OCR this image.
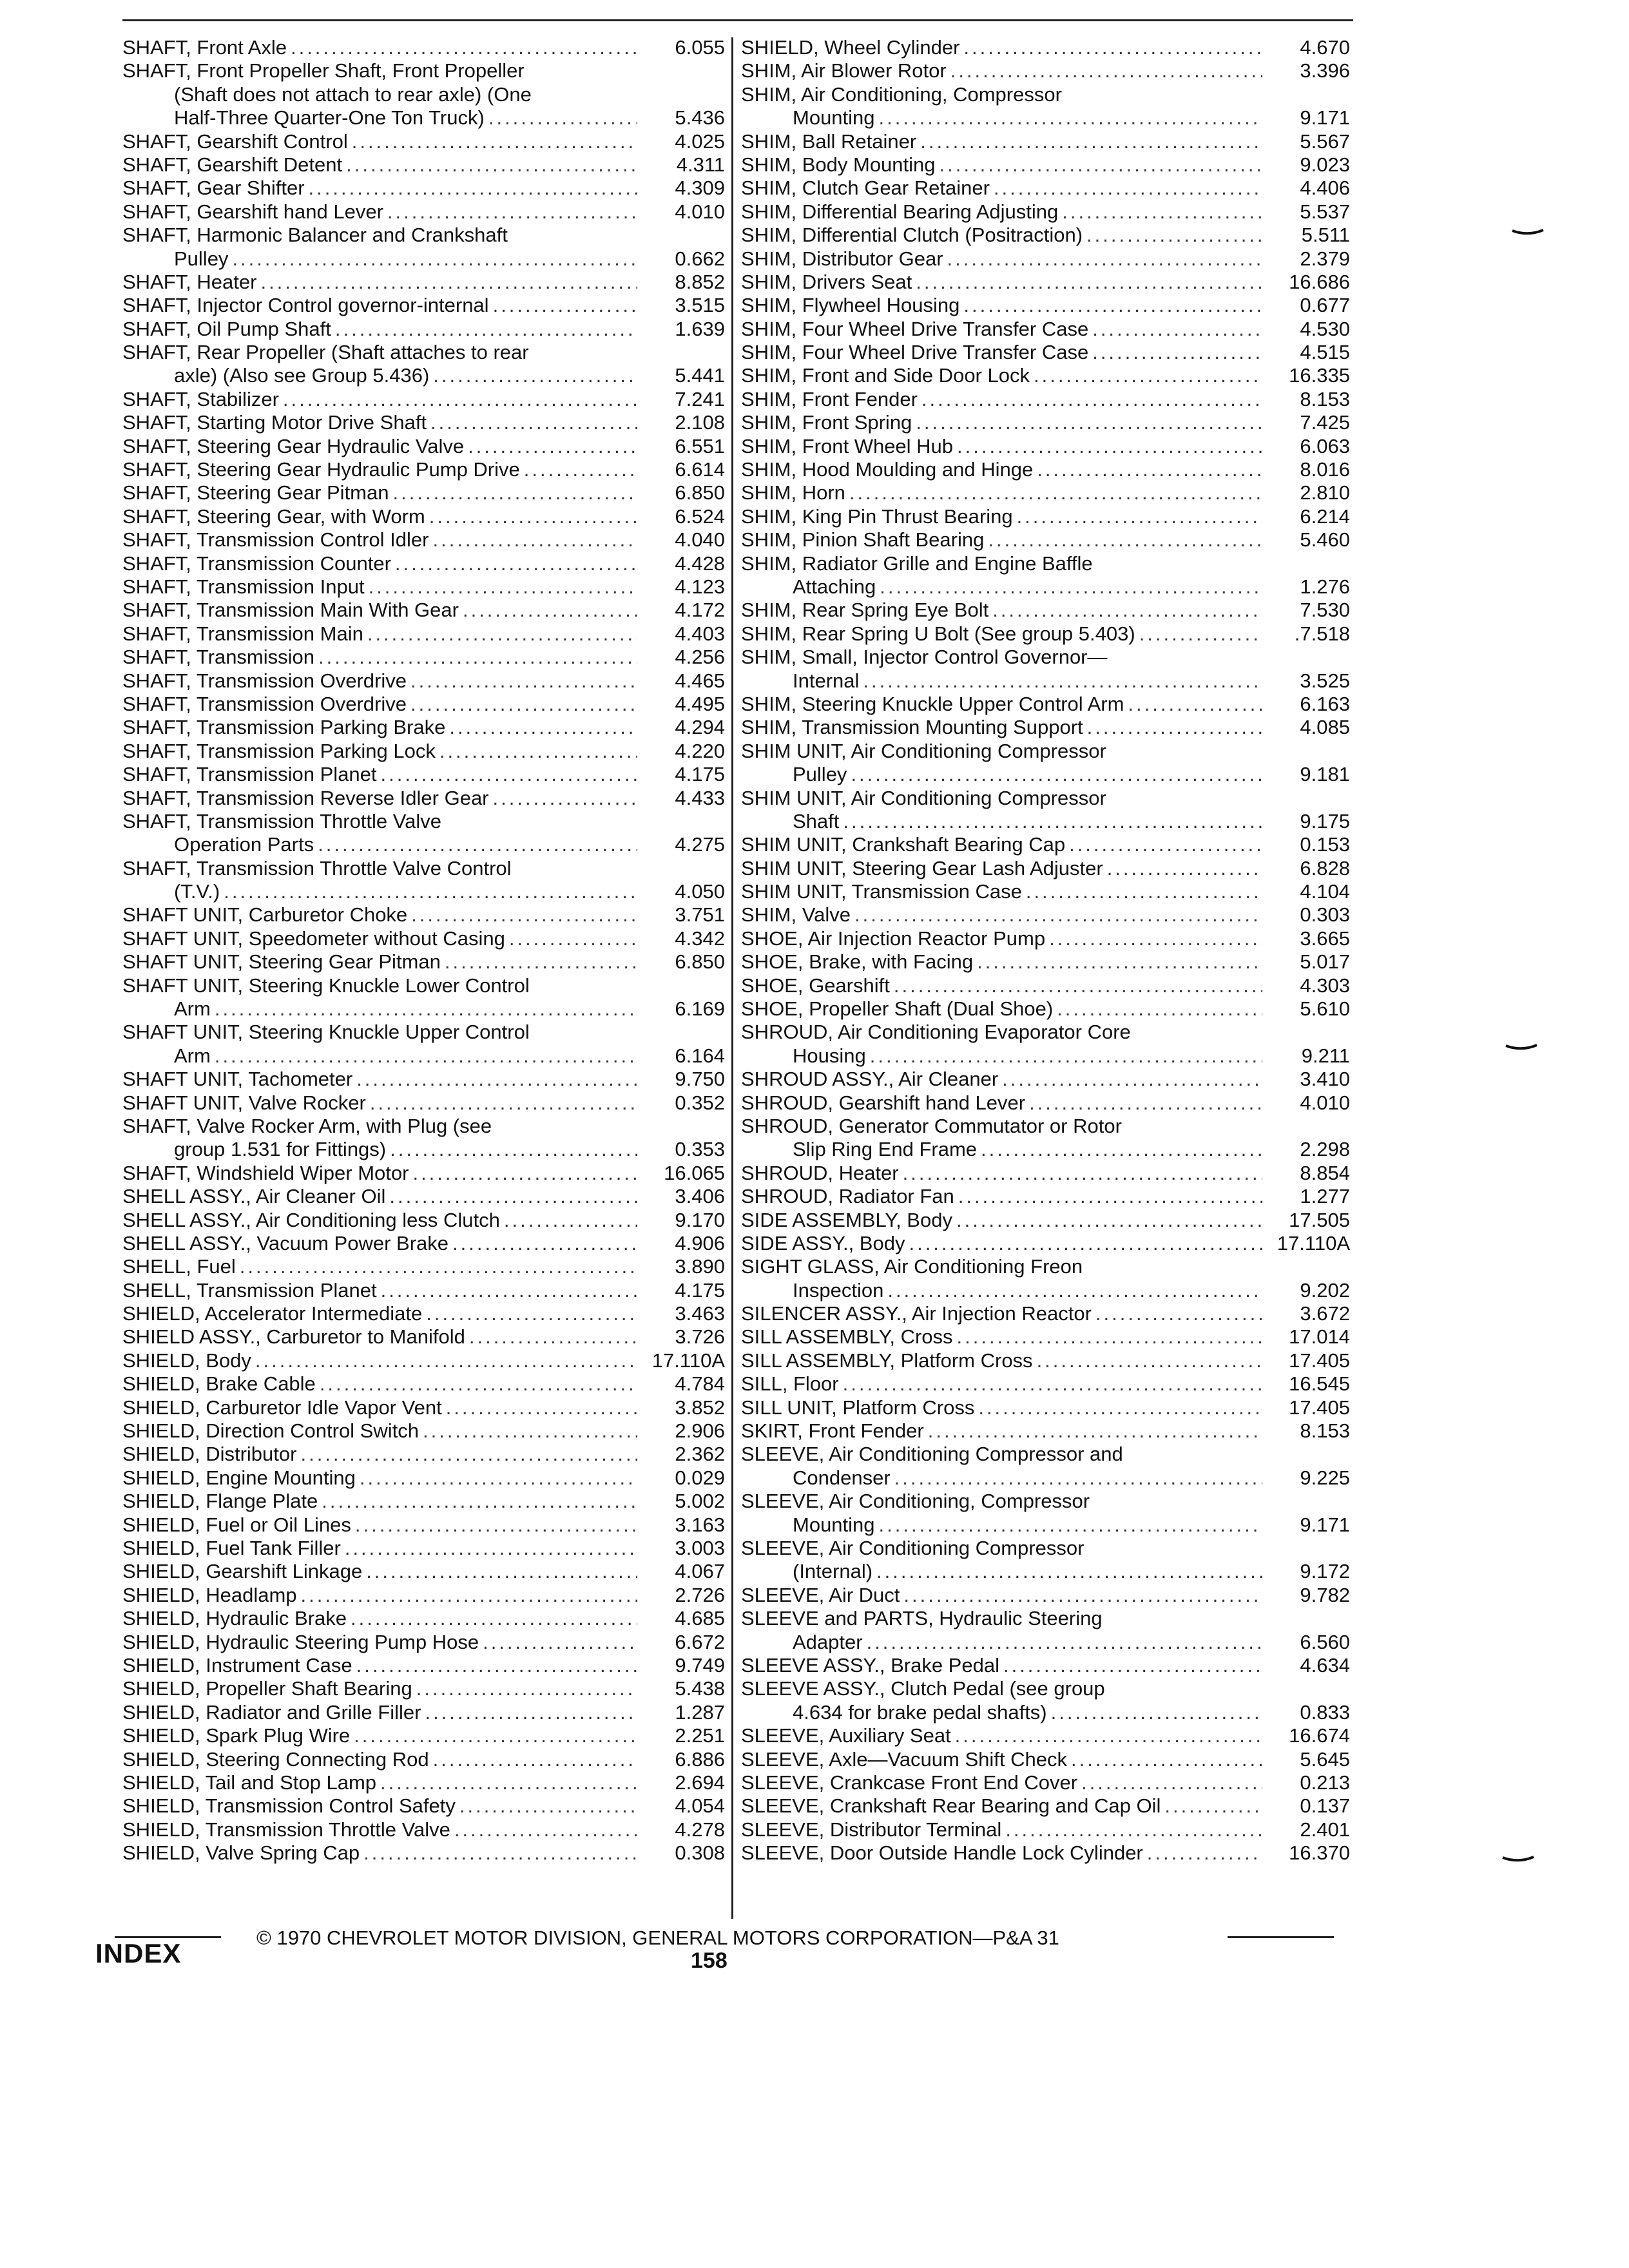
SHAFT, Front Axle .....	6.055
SHAFT, Front Propeller Shaft, Front Propeller
(Shaft does not attach to rear axle) (One
Half-Three Quarter-One Ton Truck) .....	5.436
SHAFT, Gearshift Control .....	4.025
SHAFT, Gearshift Detent .....	4.311
SHAFT, Gear Shifter .....	4.309
SHAFT, Gearshift hand Lever .....	4.010
SHAFT, Harmonic Balancer and Crankshaft
Pulley .....	0.662
SHAFT, Heater .....	8.852
SHAFT, Injector Control governor-internal .....	3.515
SHAFT, Oil Pump Shaft .....	1.639
SHAFT, Rear Propeller (Shaft attaches to rear
axle) (Also see Group 5.436) .....	5.441
SHAFT, Stabilizer .....	7.241
SHAFT, Starting Motor Drive Shaft .....	2.108
SHAFT, Steering Gear Hydraulic Valve .....	6.551
SHAFT, Steering Gear Hydraulic Pump Drive .....	6.614
SHAFT, Steering Gear Pitman .....	6.850
SHAFT, Steering Gear, with Worm .....	6.524
SHAFT, Transmission Control Idler .....	4.040
SHAFT, Transmission Counter .....	4.428
SHAFT, Transmission Input .....	4.123
SHAFT, Transmission Main With Gear .....	4.172
SHAFT, Transmission Main .....	4.403
SHAFT, Transmission .....	4.256
SHAFT, Transmission Overdrive .....	4.465
SHAFT, Transmission Overdrive .....	4.495
SHAFT, Transmission Parking Brake .....	4.294
SHAFT, Transmission Parking Lock .....	4.220
SHAFT, Transmission Planet .....	4.175
SHAFT, Transmission Reverse Idler Gear .....	4.433
SHAFT, Transmission Throttle Valve
Operation Parts .....	4.275
SHAFT, Transmission Throttle Valve Control
(T.V.) .....	4.050
SHAFT UNIT, Carburetor Choke .....	3.751
SHAFT UNIT, Speedometer without Casing .....	4.342
SHAFT UNIT, Steering Gear Pitman .....	6.850
SHAFT UNIT, Steering Knuckle Lower Control
Arm .....	6.169
SHAFT UNIT, Steering Knuckle Upper Control
Arm .....	6.164
SHAFT UNIT, Tachometer .....	9.750
SHAFT UNIT, Valve Rocker .....	0.352
SHAFT, Valve Rocker Arm, with Plug (see
group 1.531 for Fittings) .....	0.353
SHAFT, Windshield Wiper Motor .....	16.065
SHELL ASSY., Air Cleaner Oil .....	3.406
SHELL ASSY., Air Conditioning less Clutch .....	9.170
SHELL ASSY., Vacuum Power Brake .....	4.906
SHELL, Fuel .....	3.890
SHELL, Transmission Planet .....	4.175
SHIELD, Accelerator Intermediate .....	3.463
SHIELD ASSY., Carburetor to Manifold .....	3.726
SHIELD, Body .....	17.110A
SHIELD, Brake Cable .....	4.784
SHIELD, Carburetor Idle Vapor Vent .....	3.852
SHIELD, Direction Control Switch .....	2.906
SHIELD, Distributor .....	2.362
SHIELD, Engine Mounting .....	0.029
SHIELD, Flange Plate .....	5.002
SHIELD, Fuel or Oil Lines .....	3.163
SHIELD, Fuel Tank Filler .....	3.003
SHIELD, Gearshift Linkage .....	4.067
SHIELD, Headlamp .....	2.726
SHIELD, Hydraulic Brake .....	4.685
SHIELD, Hydraulic Steering Pump Hose .....	6.672
SHIELD, Instrument Case .....	9.749
SHIELD, Propeller Shaft Bearing .....	5.438
SHIELD, Radiator and Grille Filler .....	1.287
SHIELD, Spark Plug Wire .....	2.251
SHIELD, Steering Connecting Rod .....	6.886
SHIELD, Tail and Stop Lamp .....	2.694
SHIELD, Transmission Control Safety .....	4.054
SHIELD, Transmission Throttle Valve .....	4.278
SHIELD, Valve Spring Cap .....	0.308
SHIELD, Wheel Cylinder .....	4.670
SHIM, Air Blower Rotor .....	3.396
SHIM, Air Conditioning, Compressor
Mounting .....	9.171
SHIM, Ball Retainer .....	5.567
SHIM, Body Mounting .....	9.023
SHIM, Clutch Gear Retainer .....	4.406
SHIM, Differential Bearing Adjusting .....	5.537
SHIM, Differential Clutch (Positraction) .....	5.511
SHIM, Distributor Gear .....	2.379
SHIM, Drivers Seat .....	16.686
SHIM, Flywheel Housing .....	0.677
SHIM, Four Wheel Drive Transfer Case .....	4.530
SHIM, Four Wheel Drive Transfer Case .....	4.515
SHIM, Front and Side Door Lock .....	16.335
SHIM, Front Fender .....	8.153
SHIM, Front Spring .....	7.425
SHIM, Front Wheel Hub .....	6.063
SHIM, Hood Moulding and Hinge .....	8.016
SHIM, Horn .....	2.810
SHIM, King Pin Thrust Bearing .....	6.214
SHIM, Pinion Shaft Bearing .....	5.460
SHIM, Radiator Grille and Engine Baffle
Attaching .....	1.276
SHIM, Rear Spring Eye Bolt .....	7.530
SHIM, Rear Spring U Bolt (See group 5.403) .....	.7.518
SHIM, Small, Injector Control Governor—
Internal .....	3.525
SHIM, Steering Knuckle Upper Control Arm .....	6.163
SHIM, Transmission Mounting Support .....	4.085
SHIM UNIT, Air Conditioning Compressor
Pulley .....	9.181
SHIM UNIT, Air Conditioning Compressor
Shaft .....	9.175
SHIM UNIT, Crankshaft Bearing Cap .....	0.153
SHIM UNIT, Steering Gear Lash Adjuster .....	6.828
SHIM UNIT, Transmission Case .....	4.104
SHIM, Valve .....	0.303
SHOE, Air Injection Reactor Pump .....	3.665
SHOE, Brake, with Facing .....	5.017
SHOE, Gearshift .....	4.303
SHOE, Propeller Shaft (Dual Shoe) .....	5.610
SHROUD, Air Conditioning Evaporator Core
Housing .....	9.211
SHROUD ASSY., Air Cleaner .....	3.410
SHROUD, Gearshift hand Lever .....	4.010
SHROUD, Generator Commutator or Rotor
Slip Ring End Frame .....	2.298
SHROUD, Heater .....	8.854
SHROUD, Radiator Fan .....	1.277
SIDE ASSEMBLY, Body .....	17.505
SIDE ASSY., Body .....	17.110A
SIGHT GLASS, Air Conditioning Freon
Inspection .....	9.202
SILENCER ASSY., Air Injection Reactor .....	3.672
SILL ASSEMBLY, Cross .....	17.014
SILL ASSEMBLY, Platform Cross .....	17.405
SILL, Floor .....	16.545
SILL UNIT, Platform Cross .....	17.405
SKIRT, Front Fender .....	8.153
SLEEVE, Air Conditioning Compressor and
Condenser .....	9.225
SLEEVE, Air Conditioning, Compressor
Mounting .....	9.171
SLEEVE, Air Conditioning Compressor
(Internal) .....	9.172
SLEEVE, Air Duct .....	9.782
SLEEVE and PARTS, Hydraulic Steering
Adapter .....	6.560
SLEEVE ASSY., Brake Pedal .....	4.634
SLEEVE ASSY., Clutch Pedal (see group
4.634 for brake pedal shafts) .....	0.833
SLEEVE, Auxiliary Seat .....	16.674
SLEEVE, Axle—Vacuum Shift Check .....	5.645
SLEEVE, Crankcase Front End Cover .....	0.213
SLEEVE, Crankshaft Rear Bearing and Cap Oil .....	0.137
SLEEVE, Distributor Terminal .....	2.401
SLEEVE, Door Outside Handle Lock Cylinder .....	16.370
INDEX
© 1970 CHEVROLET MOTOR DIVISION, GENERAL MOTORS CORPORATION—P&A 31
158
